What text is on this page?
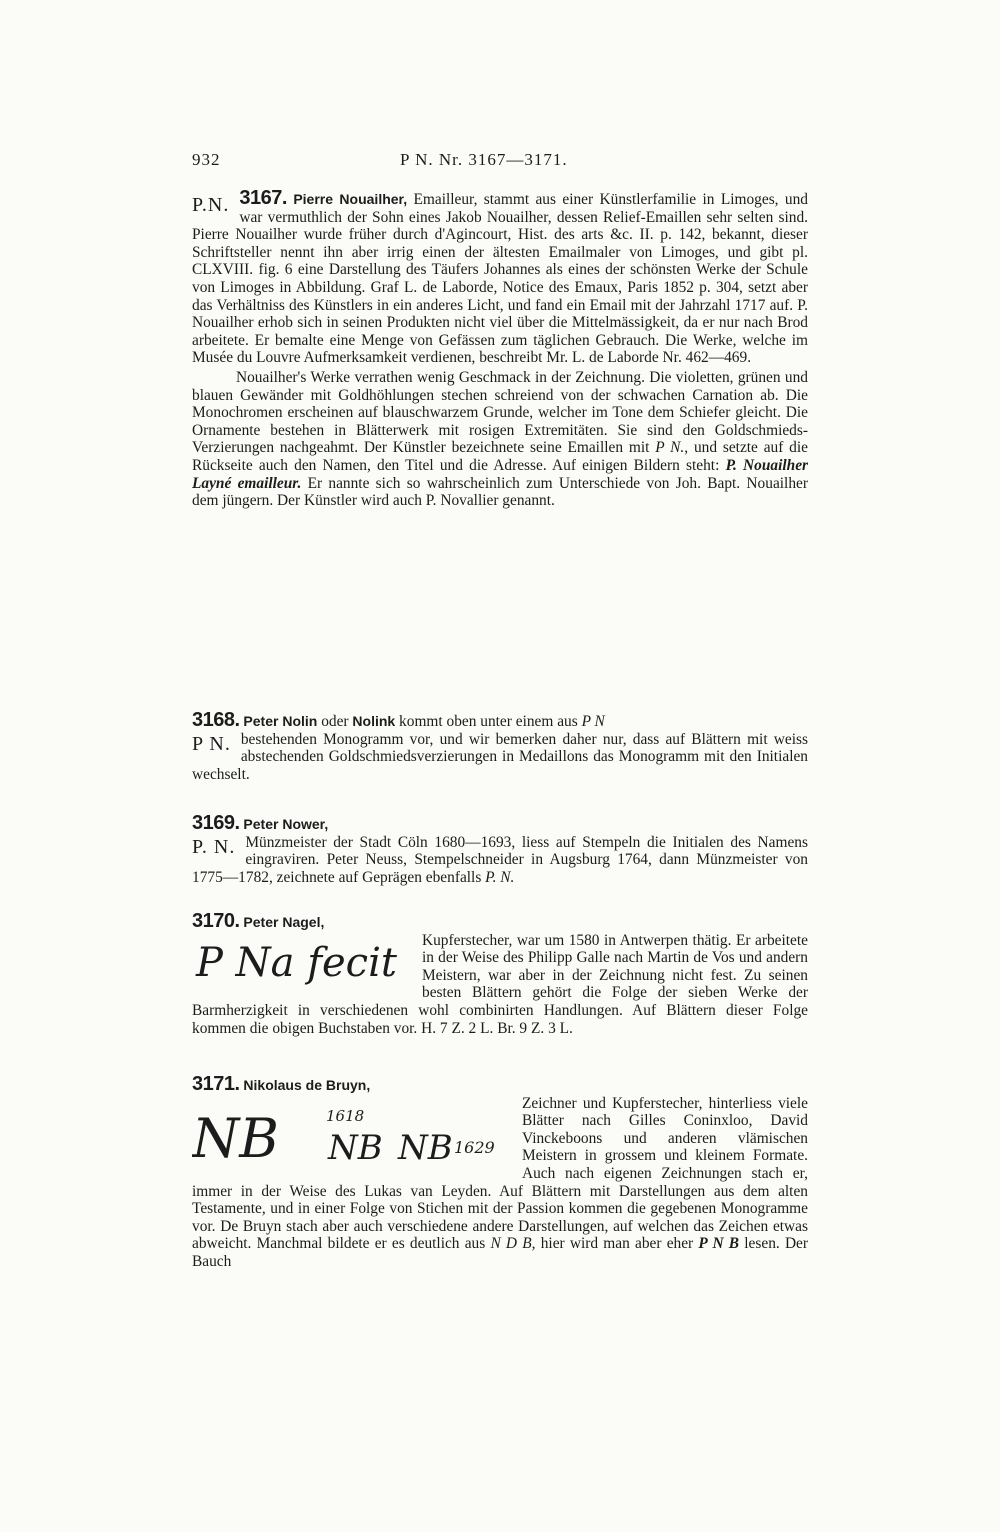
932	P N. Nr. 3167—3171.

3167. Pierre Nouailher,
P.N.	Emailleur, stammt aus einer Künstlerfamilie in Limoges, und war vermuthlich der Sohn eines Jakob Nouailher, dessen Relief-Emaillen sehr selten sind. Pierre Nouailher wurde früher durch d'Agincourt, Hist. des arts &c. II. p. 142, bekannt, dieser Schriftsteller nennt ihn aber irrig einen der ältesten Emailmaler von Limoges, und gibt pl. CLXVIII. fig. 6 eine Darstellung des Täufers Johannes als eines der schönsten Werke der Schule von Limoges in Abbildung. Graf L. de Laborde, Notice des Emaux, Paris 1852 p. 304, setzt aber das Verhältniss des Künstlers in ein anderes Licht, und fand ein Email mit der Jahrzahl 1717 auf. P. Nouailher erhob sich in seinen Produkten nicht viel über die Mittelmässigkeit, da er nur nach Brod arbeitete. Er bemalte eine Menge von Gefässen zum täglichen Gebrauch. Die Werke, welche im Musée du Louvre Aufmerksamkeit verdienen, beschreibt Mr. L. de Laborde Nr. 462—469.

Nouailher's Werke verrathen wenig Geschmack in der Zeichnung. Die violetten, grünen und blauen Gewänder mit Goldhöhlungen stechen schreiend von der schwachen Carnation ab. Die Monochromen erscheinen auf blauschwarzem Grunde, welcher im Tone dem Schiefer gleicht. Die Ornamente bestehen in Blätterwerk mit rosigen Extremitäten. Sie sind den Goldschmieds-Verzierungen nachgeahmt. Der Künstler bezeichnete seine Emaillen mit P N., und setzte auf die Rückseite auch den Namen, den Titel und die Adresse. Auf einigen Bildern steht: P. Nouailher Layné emailleur. Er nannte sich so wahrscheinlich zum Unterschiede von Joh. Bapt. Nouailher dem jüngern. Der Künstler wird auch P. Novallier genannt.

3168. Peter Nolin oder Nolink kommt oben unter einem aus P N

P N. bestehenden Monogramm vor, und wir bemerken daher nur, dass auf Blättern mit weiss abstechenden Goldschmiedsverzierungen in Medaillons das Monogramm mit den Initialen wechselt.

3169. Peter Nower,

P. N. Münzmeister der Stadt Cöln 1680—1693, liess auf Stempeln die Initialen des Namens eingraviren. Peter Neuss, Stempelschneider in Augsburg 1764, dann Münzmeister von 1775—1782, zeichnete auf Geprägen ebenfalls P. N.

3170. Peter Nagel,

P Na fecit Kupferstecher, war um 1580 in Antwerpen thätig. Er arbeitete in der Weise des Philipp Galle nach Martin de Vos und andern Meistern, war aber in der Zeichnung nicht fest. Zu seinen besten Blättern gehört die Folge der sieben Werke der Barmherzigkeit in verschiedenen wohl combinirten Handlungen. Auf Blättern dieser Folge kommen die obigen Buchstaben vor. H. 7 Z. 2 L. Br. 9 Z. 3 L.

3171. Nikolaus de Bruyn,

NB	1618
NB NB 1629
Zeichner und Kupferstecher, hinterliess viele Blätter nach Gilles Coninxloo, David Vinckeboons und anderen vlämischen Meistern in grossem und kleinem Formate. Auch nach eigenen Zeichnungen stach er, immer in der Weise des Lukas van Leyden. Auf Blättern mit Darstellungen aus dem alten Testamente, und in einer Folge von Stichen mit der Passion kommen die gegebenen Monogramme vor. De Bruyn stach aber auch verschiedene andere Darstellungen, auf welchen das Zeichen etwas abweicht. Manchmal bildete er es deutlich aus N D B, hier wird man aber eher P N B lesen. Der Bauch
